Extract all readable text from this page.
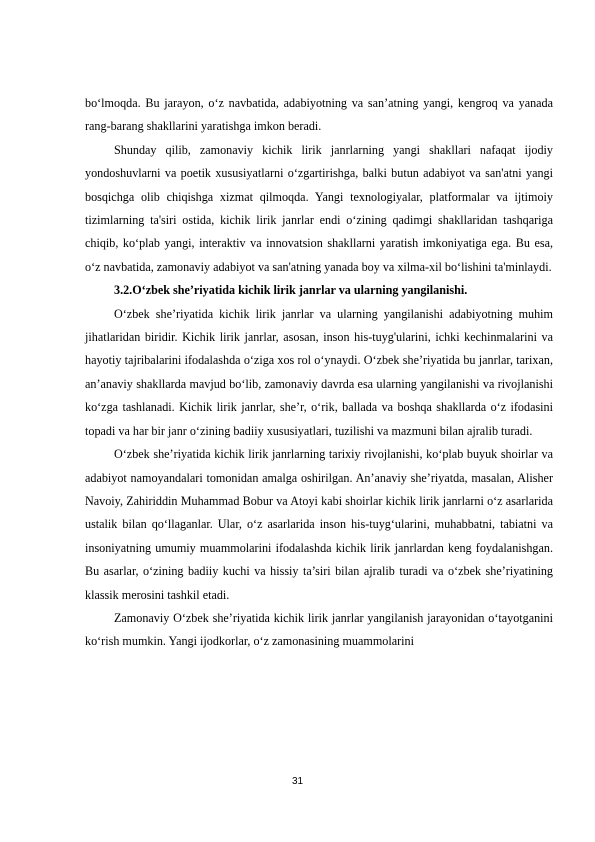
bo‘lmoqda. Bu jarayon, o‘z navbatida, adabiyotning va san’atning yangi, kengroq va yanada rang-barang shakllarini yaratishga imkon beradi.

Shunday qilib, zamonaviy kichik lirik janrlarning yangi shakllari nafaqat ijodiy yondoshuvlarni va poetik xususiyatlarni o‘zgartirishga, balki butun adabiyot va san'atni yangi bosqichga olib chiqishga xizmat qilmoqda. Yangi texnologiyalar, platformalar va ijtimoiy tizimlarning ta'siri ostida, kichik lirik janrlar endi o‘zining qadimgi shakllaridan tashqariga chiqib, ko‘plab yangi, interaktiv va innovatsion shakllarni yaratish imkoniyatiga ega. Bu esa, o‘z navbatida, zamonaviy adabiyot va san'atning yanada boy va xilma-xil bo‘lishini ta'minlaydi.

3.2.O‘zbek she’riyatida kichik lirik janrlar va ularning yangilanishi.

O‘zbek she’riyatida kichik lirik janrlar va ularning yangilanishi adabiyotning muhim jihatlaridan biridir. Kichik lirik janrlar, asosan, inson his-tuyg'ularini, ichki kechinmalarini va hayotiy tajribalarini ifodalashda o‘ziga xos rol o‘ynaydi. O‘zbek she’riyatida bu janrlar, tarixan, an’anaviy shakllarda mavjud bo‘lib, zamonaviy davrda esa ularning yangilanishi va rivojlanishi ko‘zga tashlanadi. Kichik lirik janrlar, she’r, o‘rik, ballada va boshqa shakllarda o‘z ifodasini topadi va har bir janr o‘zining badiiy xususiyatlari, tuzilishi va mazmuni bilan ajralib turadi.

O‘zbek she’riyatida kichik lirik janrlarning tarixiy rivojlanishi, ko‘plab buyuk shoirlar va adabiyot namoyandalari tomonidan amalga oshirilgan. An’anaviy she’riyatda, masalan, Alisher Navoiy, Zahiriddin Muhammad Bobur va Atoyi kabi shoirlar kichik lirik janrlarni o‘z asarlarida ustalik bilan qo‘llaganlar. Ular, o‘z asarlarida inson his-tuyg‘ularini, muhabbatni, tabiatni va insoniyatning umumiy muammolarini ifodalashda kichik lirik janrlardan keng foydalanishgan. Bu asarlar, o‘zining badiiy kuchi va hissiy ta’siri bilan ajralib turadi va o‘zbek she’riyatining klassik merosini tashkil etadi.

Zamonaviy O‘zbek she’riyatida kichik lirik janrlar yangilanish jarayonidan o‘tayotganini ko‘rish mumkin. Yangi ijodkorlar, o‘z zamonasining muammolarini

31
